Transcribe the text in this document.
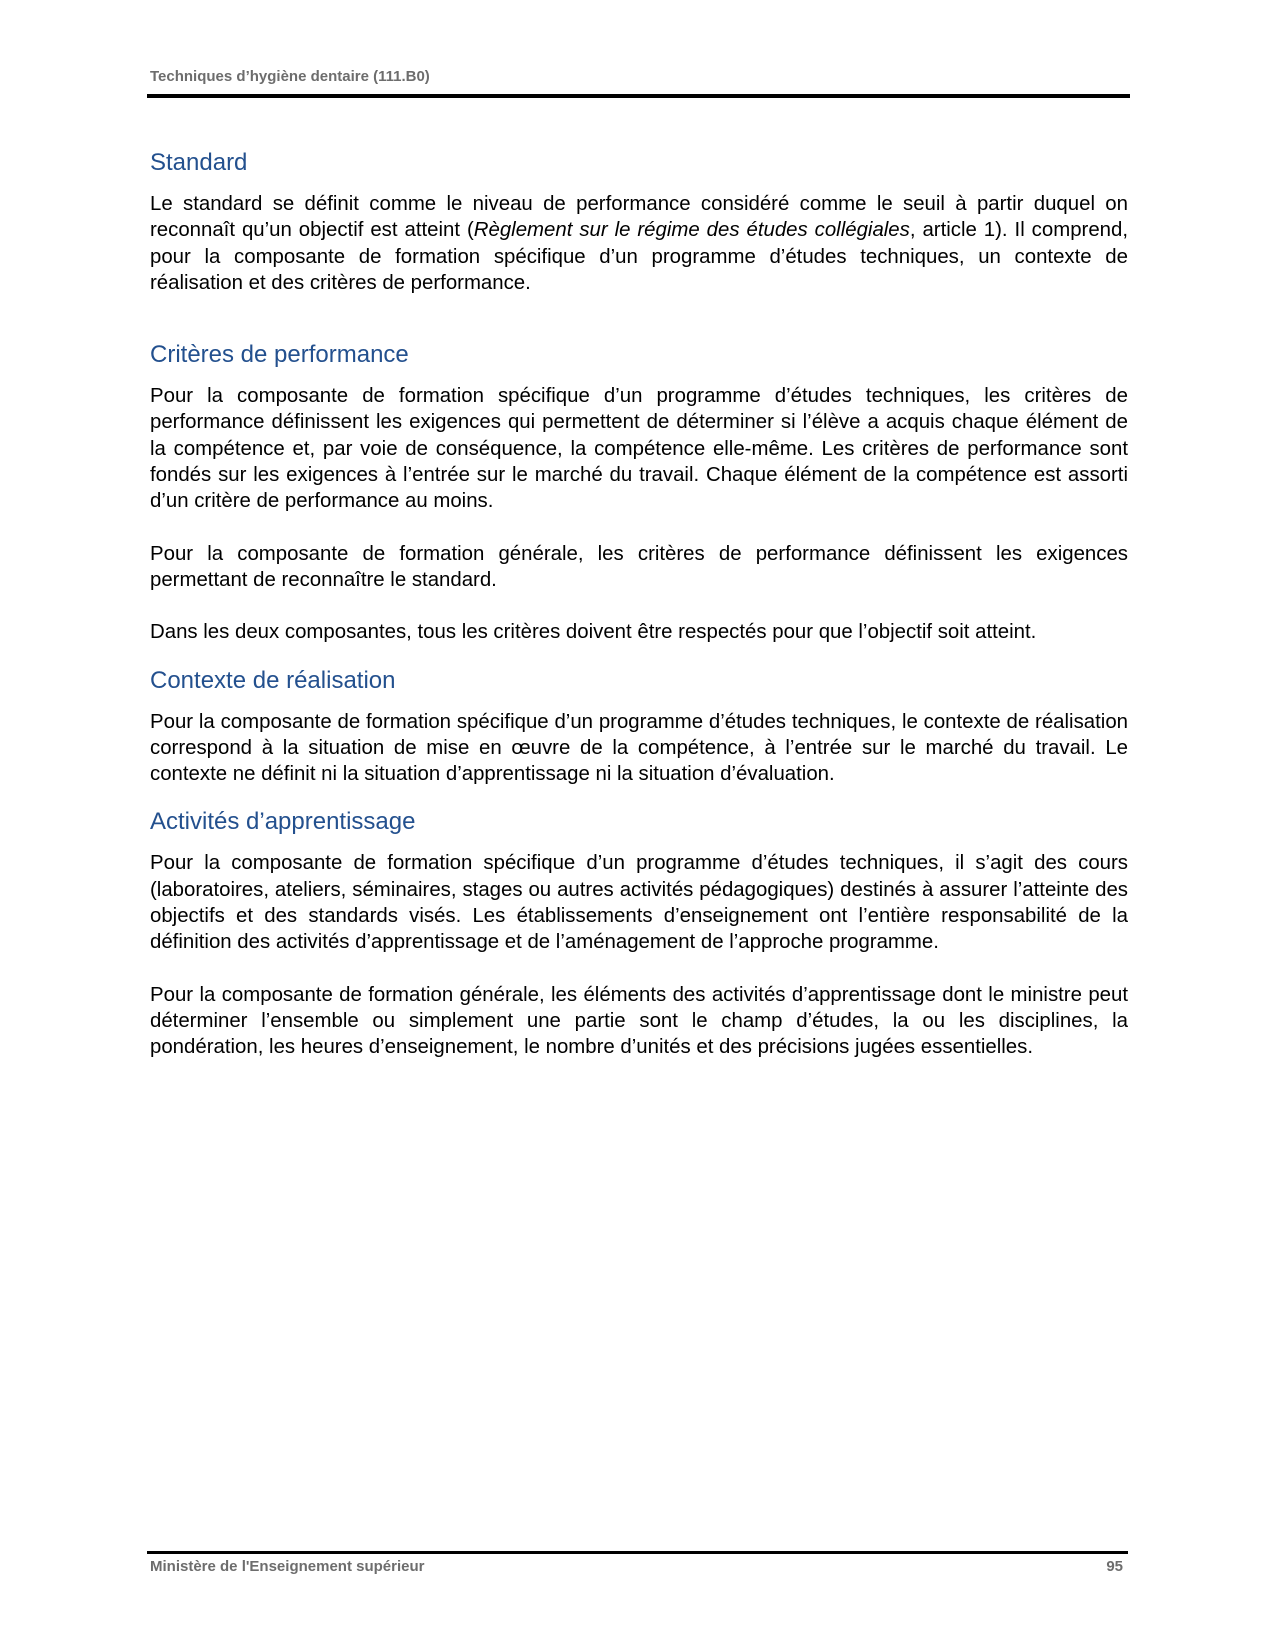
Techniques d’hygiène dentaire (111.B0)
Standard

Le standard se définit comme le niveau de performance considéré comme le seuil à partir duquel on reconnaît qu’un objectif est atteint (Règlement sur le régime des études collégiales, article 1). Il comprend, pour la composante de formation spécifique d’un programme d’études techniques, un contexte de réalisation et des critères de performance.

Critères de performance

Pour la composante de formation spécifique d’un programme d’études techniques, les critères de performance définissent les exigences qui permettent de déterminer si l’élève a acquis chaque élément de la compétence et, par voie de conséquence, la compétence elle-même. Les critères de performance sont fondés sur les exigences à l’entrée sur le marché du travail. Chaque élément de la compétence est assorti d’un critère de performance au moins.

Pour la composante de formation générale, les critères de performance définissent les exigences permettant de reconnaître le standard.

Dans les deux composantes, tous les critères doivent être respectés pour que l’objectif soit atteint.

Contexte de réalisation

Pour la composante de formation spécifique d’un programme d’études techniques, le contexte de réalisation correspond à la situation de mise en œuvre de la compétence, à l’entrée sur le marché du travail. Le contexte ne définit ni la situation d’apprentissage ni la situation d’évaluation.

Activités d’apprentissage

Pour la composante de formation spécifique d’un programme d’études techniques, il s’agit des cours (laboratoires, ateliers, séminaires, stages ou autres activités pédagogiques) destinés à assurer l’atteinte des objectifs et des standards visés. Les établissements d’enseignement ont l’entière responsabilité de la définition des activités d’apprentissage et de l’aménagement de l’approche programme.

Pour la composante de formation générale, les éléments des activités d’apprentissage dont le ministre peut déterminer l’ensemble ou simplement une partie sont le champ d’études, la ou les disciplines, la pondération, les heures d’enseignement, le nombre d’unités et des précisions jugées essentielles.

Ministère de l'Enseignement supérieur	95
